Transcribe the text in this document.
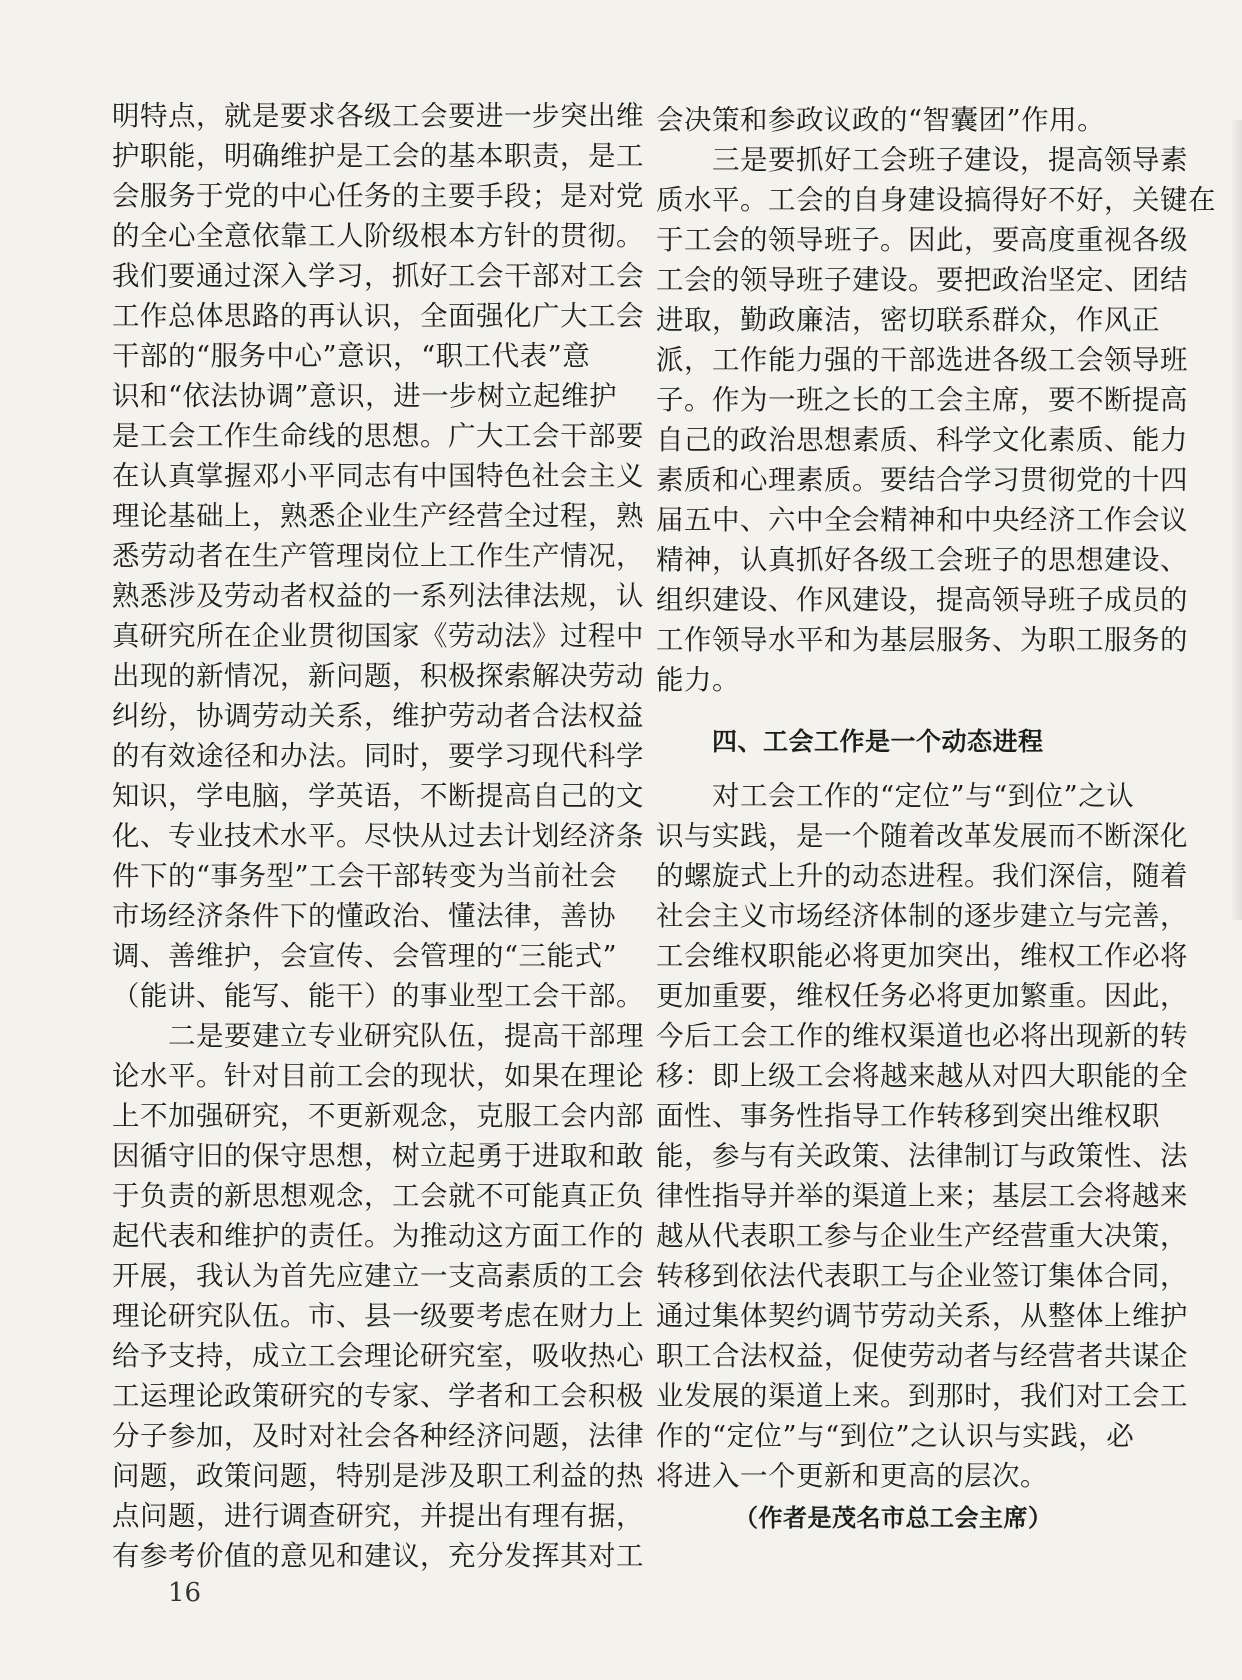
明特点，就是要求各级工会要进一步突出维
护职能，明确维护是工会的基本职责，是工
会服务于党的中心任务的主要手段；是对党
的全心全意依靠工人阶级根本方针的贯彻。
我们要通过深入学习，抓好工会干部对工会
工作总体思路的再认识，全面强化广大工会
干部的“服务中心”意识，“职工代表”意
识和“依法协调”意识，进一步树立起维护
是工会工作生命线的思想。广大工会干部要
在认真掌握邓小平同志有中国特色社会主义
理论基础上，熟悉企业生产经营全过程，熟
悉劳动者在生产管理岗位上工作生产情况，
熟悉涉及劳动者权益的一系列法律法规，认
真研究所在企业贯彻国家《劳动法》过程中
出现的新情况，新问题，积极探索解决劳动
纠纷，协调劳动关系，维护劳动者合法权益
的有效途径和办法。同时，要学习现代科学
知识，学电脑，学英语，不断提高自己的文
化、专业技术水平。尽快从过去计划经济条
件下的“事务型”工会干部转变为当前社会
市场经济条件下的懂政治、懂法律，善协
调、善维护，会宣传、会管理的“三能式”
（能讲、能写、能干）的事业型工会干部。
二是要建立专业研究队伍，提高干部理
论水平。针对目前工会的现状，如果在理论
上不加强研究，不更新观念，克服工会内部
因循守旧的保守思想，树立起勇于进取和敢
于负责的新思想观念，工会就不可能真正负
起代表和维护的责任。为推动这方面工作的
开展，我认为首先应建立一支高素质的工会
理论研究队伍。市、县一级要考虑在财力上
给予支持，成立工会理论研究室，吸收热心
工运理论政策研究的专家、学者和工会积极
分子参加，及时对社会各种经济问题，法律
问题，政策问题，特别是涉及职工利益的热
点问题，进行调查研究，并提出有理有据，
有参考价值的意见和建议，充分发挥其对工
会决策和参政议政的“智囊团”作用。
三是要抓好工会班子建设，提高领导素
质水平。工会的自身建设搞得好不好，关键在
于工会的领导班子。因此，要高度重视各级
工会的领导班子建设。要把政治坚定、团结
进取，勤政廉洁，密切联系群众，作风正
派，工作能力强的干部选进各级工会领导班
子。作为一班之长的工会主席，要不断提高
自己的政治思想素质、科学文化素质、能力
素质和心理素质。要结合学习贯彻党的十四
届五中、六中全会精神和中央经济工作会议
精神，认真抓好各级工会班子的思想建设、
组织建设、作风建设，提高领导班子成员的
工作领导水平和为基层服务、为职工服务的
能力。
四、工会工作是一个动态进程
对工会工作的“定位”与“到位”之认
识与实践，是一个随着改革发展而不断深化
的螺旋式上升的动态进程。我们深信，随着
社会主义市场经济体制的逐步建立与完善，
工会维权职能必将更加突出，维权工作必将
更加重要，维权任务必将更加繁重。因此，
今后工会工作的维权渠道也必将出现新的转
移：即上级工会将越来越从对四大职能的全
面性、事务性指导工作转移到突出维权职
能，参与有关政策、法律制订与政策性、法
律性指导并举的渠道上来；基层工会将越来
越从代表职工参与企业生产经营重大决策，
转移到依法代表职工与企业签订集体合同，
通过集体契约调节劳动关系，从整体上维护
职工合法权益，促使劳动者与经营者共谋企
业发展的渠道上来。到那时，我们对工会工
作的“定位”与“到位”之认识与实践，必
将进入一个更新和更高的层次。
（作者是茂名市总工会主席）
16
